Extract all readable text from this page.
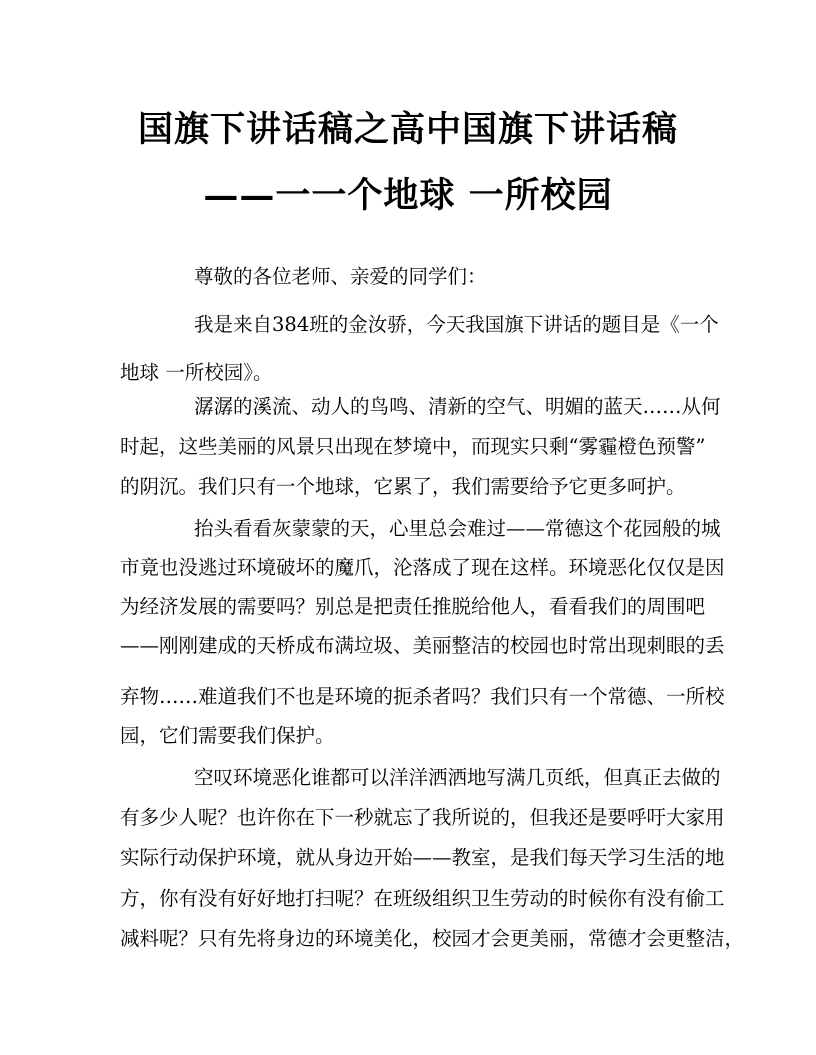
国旗下讲话稿之高中国旗下讲话稿
——一一个地球 一所校园
尊敬的各位老师、亲爱的同学们：
我是来自384班的金汝骄，今天我国旗下讲话的题目是《一个
地球 一所校园》。
潺潺的溪流、动人的鸟鸣、清新的空气、明媚的蓝天……从何
时起，这些美丽的风景只出现在梦境中，而现实只剩“雾霾橙色预警”
的阴沉。我们只有一个地球，它累了，我们需要给予它更多呵护。
抬头看看灰蒙蒙的天，心里总会难过——常德这个花园般的城
市竟也没逃过环境破坏的魔爪，沦落成了现在这样。环境恶化仅仅是因
为经济发展的需要吗？别总是把责任推脱给他人，看看我们的周围吧
——刚刚建成的天桥成布满垃圾、美丽整洁的校园也时常出现刺眼的丢
弃物……难道我们不也是环境的扼杀者吗？我们只有一个常德、一所校
园，它们需要我们保护。
空叹环境恶化谁都可以洋洋洒洒地写满几页纸，但真正去做的
有多少人呢？也许你在下一秒就忘了我所说的，但我还是要呼吁大家用
实际行动保护环境，就从身边开始——教室，是我们每天学习生活的地
方，你有没有好好地打扫呢？在班级组织卫生劳动的时候你有没有偷工
减料呢？只有先将身边的环境美化，校园才会更美丽，常德才会更整洁，
